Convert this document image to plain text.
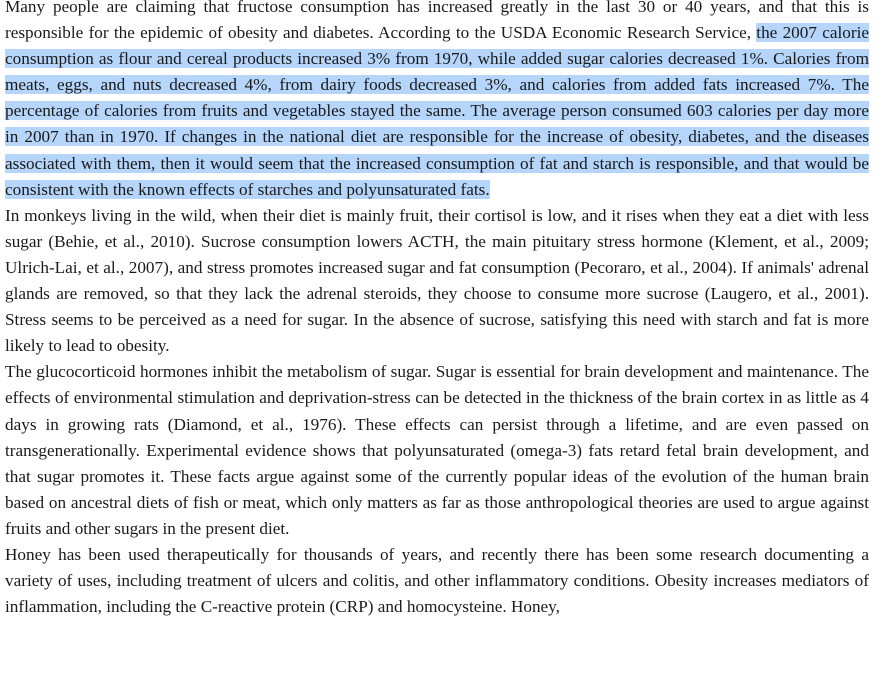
Many people are claiming that fructose consumption has increased greatly in the last 30 or 40 years, and that this is responsible for the epidemic of obesity and diabetes. According to the USDA Economic Research Service, the 2007 calorie consumption as flour and cereal products increased 3% from 1970, while added sugar calories decreased 1%. Calories from meats, eggs, and nuts decreased 4%, from dairy foods decreased 3%, and calories from added fats increased 7%. The percentage of calories from fruits and vegetables stayed the same. The average person consumed 603 calories per day more in 2007 than in 1970. If changes in the national diet are responsible for the increase of obesity, diabetes, and the diseases associated with them, then it would seem that the increased consumption of fat and starch is responsible, and that would be consistent with the known effects of starches and polyunsaturated fats.

In monkeys living in the wild, when their diet is mainly fruit, their cortisol is low, and it rises when they eat a diet with less sugar (Behie, et al., 2010). Sucrose consumption lowers ACTH, the main pituitary stress hormone (Klement, et al., 2009; Ulrich-Lai, et al., 2007), and stress promotes increased sugar and fat consumption (Pecoraro, et al., 2004). If animals' adrenal glands are removed, so that they lack the adrenal steroids, they choose to consume more sucrose (Laugero, et al., 2001). Stress seems to be perceived as a need for sugar. In the absence of sucrose, satisfying this need with starch and fat is more likely to lead to obesity.

The glucocorticoid hormones inhibit the metabolism of sugar. Sugar is essential for brain development and maintenance. The effects of environmental stimulation and deprivation-stress can be detected in the thickness of the brain cortex in as little as 4 days in growing rats (Diamond, et al., 1976). These effects can persist through a lifetime, and are even passed on transgenerationally. Experimental evidence shows that polyunsaturated (omega-3) fats retard fetal brain development, and that sugar promotes it. These facts argue against some of the currently popular ideas of the evolution of the human brain based on ancestral diets of fish or meat, which only matters as far as those anthropological theories are used to argue against fruits and other sugars in the present diet.

Honey has been used therapeutically for thousands of years, and recently there has been some research documenting a variety of uses, including treatment of ulcers and colitis, and other inflammatory conditions. Obesity increases mediators of inflammation, including the C-reactive protein (CRP) and homocysteine. Honey,
